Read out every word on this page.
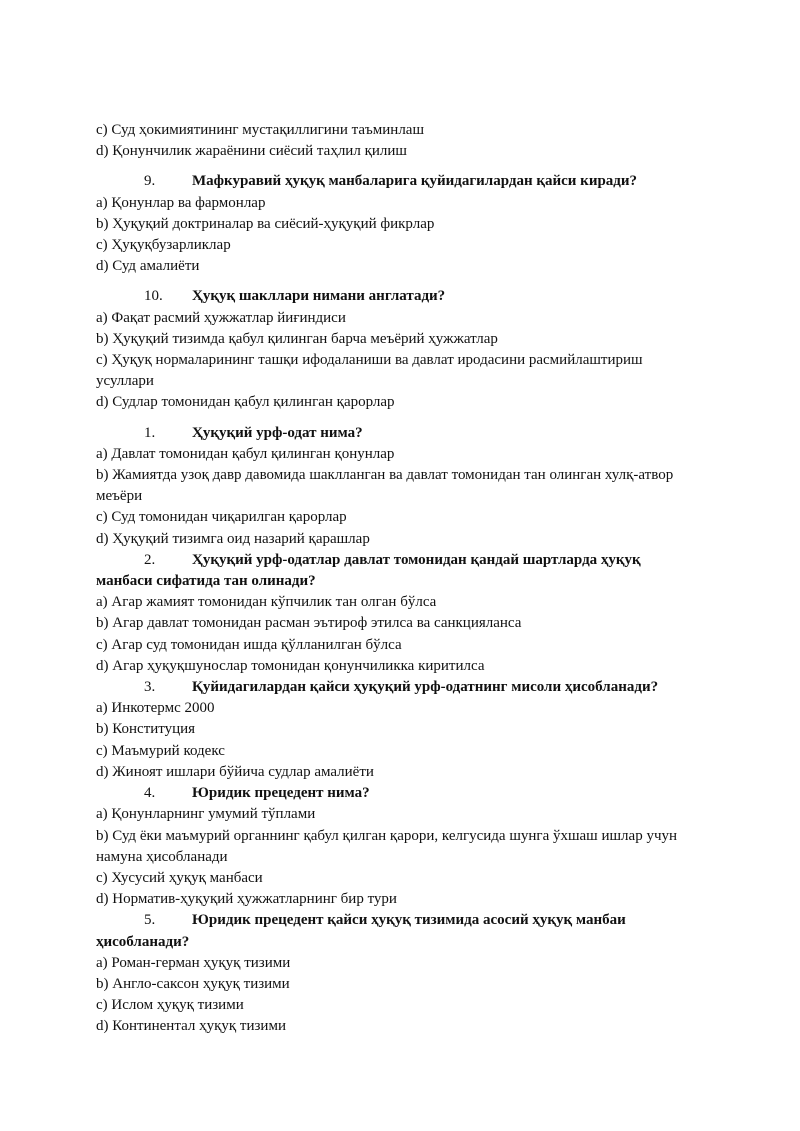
c) Суд ҳокимиятининг мустақиллигини таъминлаш
d) Қонунчилик жараёнини сиёсий таҳлил қилиш
9.	Мафкуравий ҳуқуқ манбаларига қуйидагилардан қайси киради?
a) Қонунлар ва фармонлар
b) Ҳуқуқий доктриналар ва сиёсий-ҳуқуқий фикрлар
c) Ҳуқуқбузарликлар
d) Суд амалиёти
10.	Ҳуқуқ шакллари нимани англатади?
a) Фақат расмий ҳужжатлар йиғиндиси
b) Ҳуқуқий тизимда қабул қилинган барча меъёрий ҳужжатлар
c) Ҳуқуқ нормаларининг ташқи ифодаланиши ва давлат иродасини расмийлаштириш усуллари
d) Судлар томонидан қабул қилинган қарорлар
1.	Ҳуқуқий урф-одат нима?
a) Давлат томонидан қабул қилинган қонунлар
b) Жамиятда узоқ давр давомида шаклланган ва давлат томонидан тан олинган хулқ-атвор меъёри
c) Суд томонидан чиқарилган қарорлар
d) Ҳуқуқий тизимга оид назарий қарашлар
2.	Ҳуқуқий урф-одатлар давлат томонидан қандай шартларда ҳуқуқ манбаси сифатида тан олинади?
a) Агар жамият томонидан кўпчилик тан олган бўлса
b) Агар давлат томонидан расман эътироф этилса ва санкцияланса
c) Агар суд томонидан ишда қўлланилган бўлса
d) Агар ҳуқуқшунослар томонидан қонунчиликка киритилса
3.	Қуйидагилардан қайси ҳуқуқий урф-одатнинг мисоли ҳисобланади?
a) Инкотермс 2000
b) Конституция
c) Маъмурий кодекс
d) Жиноят ишлари бўйича судлар амалиёти
4.	Юридик прецедент нима?
a) Қонунларнинг умумий тўплами
b) Суд ёки маъмурий органнинг қабул қилган қарори, келгусида шунга ўхшаш ишлар учун намуна ҳисобланади
c) Хусусий ҳуқуқ манбаси
d) Норматив-ҳуқуқий ҳужжатларнинг бир тури
5.	Юридик прецедент қайси ҳуқуқ тизимида асосий ҳуқуқ манбаи ҳисобланади?
a) Роман-герман ҳуқуқ тизими
b) Англо-саксон ҳуқуқ тизими
c) Ислом ҳуқуқ тизими
d) Континентал ҳуқуқ тизими
